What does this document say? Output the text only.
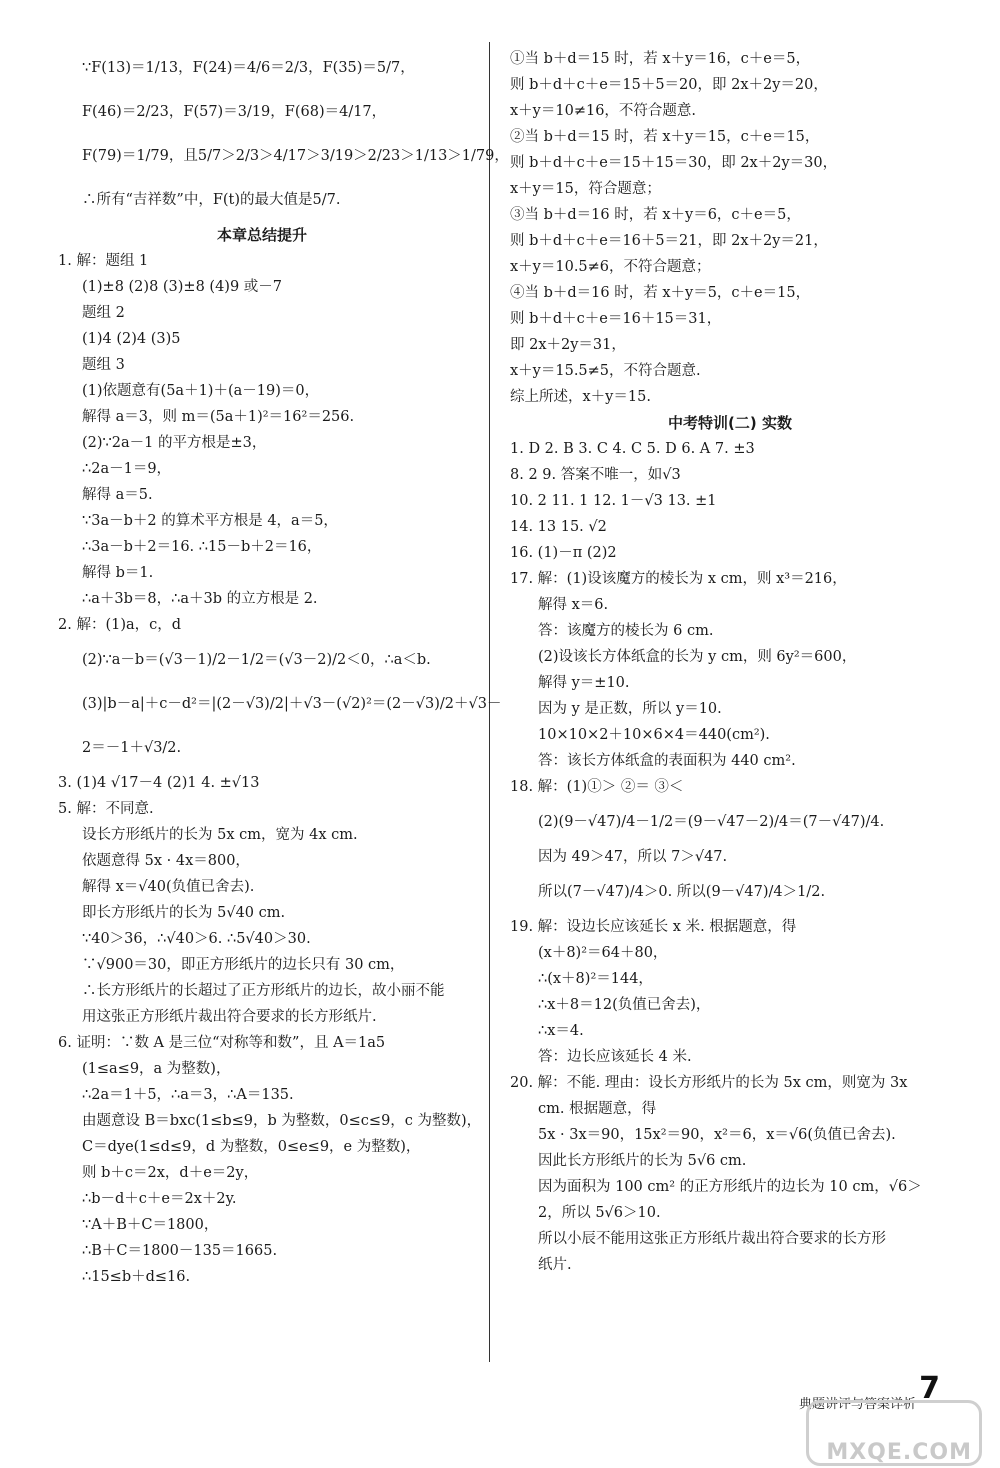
∵F(13)＝1/13，F(24)＝4/6＝2/3，F(35)＝5/7，
F(46)＝2/23，F(57)＝3/19，F(68)＝4/17，
F(79)＝1/79，且5/7＞2/3＞4/17＞3/19＞2/23＞1/13＞1/79，
∴所有“吉祥数”中，F(t)的最大值是5/7.
本章总结提升
1. 解：题组 1
(1)±8 (2)8 (3)±8 (4)9 或－7
题组 2
(1)4 (2)4 (3)5
题组 3
(1)依题意有(5a＋1)＋(a－19)＝0，
解得 a＝3，则 m＝(5a＋1)²＝16²＝256.
(2)∵2a－1 的平方根是±3，
∴2a－1＝9，
解得 a＝5.
∵3a－b＋2 的算术平方根是 4，a＝5，
∴3a－b＋2＝16. ∴15－b＋2＝16，
解得 b＝1.
∴a＋3b＝8，∴a＋3b 的立方根是 2.
2. 解：(1)a，c，d
(2)∵a－b＝(√3－1)/2－1/2＝(√3－2)/2＜0，∴a＜b.
(3)|b－a|＋c－d²＝|(2－√3)/2|＋√3－(√2)²＝(2－√3)/2＋√3－
2＝－1＋√3/2.
3. (1)4 √17－4 (2)1 4. ±√13
5. 解：不同意.
设长方形纸片的长为 5x cm，宽为 4x cm.
依题意得 5x · 4x＝800，
解得 x＝√40(负值已舍去).
即长方形纸片的长为 5√40 cm.
∵40＞36，∴√40＞6. ∴5√40＞30.
∵√900＝30，即正方形纸片的边长只有 30 cm，
∴长方形纸片的长超过了正方形纸片的边长，故小丽不能
用这张正方形纸片裁出符合要求的长方形纸片.
6. 证明：∵数 A 是三位“对称等和数”，且 A＝1a5
(1≤a≤9，a 为整数)，
∴2a＝1＋5，∴a＝3，∴A＝135.
由题意设 B＝bxc(1≤b≤9，b 为整数，0≤c≤9，c 为整数)，
C＝dye(1≤d≤9，d 为整数，0≤e≤9，e 为整数)，
则 b＋c＝2x，d＋e＝2y，
∴b－d＋c＋e＝2x＋2y.
∵A＋B＋C＝1800，
∴B＋C＝1800－135＝1665.
∴15≤b＋d≤16.
①当 b＋d＝15 时，若 x＋y＝16，c＋e＝5，
则 b＋d＋c＋e＝15＋5＝20，即 2x＋2y＝20，
x＋y＝10≠16，不符合题意.
②当 b＋d＝15 时，若 x＋y＝15，c＋e＝15，
则 b＋d＋c＋e＝15＋15＝30，即 2x＋2y＝30，
x＋y＝15，符合题意；
③当 b＋d＝16 时，若 x＋y＝6，c＋e＝5，
则 b＋d＋c＋e＝16＋5＝21，即 2x＋2y＝21，
x＋y＝10.5≠6，不符合题意；
④当 b＋d＝16 时，若 x＋y＝5，c＋e＝15，
则 b＋d＋c＋e＝16＋15＝31，
即 2x＋2y＝31，
x＋y＝15.5≠5，不符合题意.
综上所述，x＋y＝15.
中考特训(二) 实数
1. D 2. B 3. C 4. C 5. D 6. A 7. ±3
8. 2 9. 答案不唯一，如√3
10. 2 11. 1 12. 1－√3 13. ±1
14. 13 15. √2
16. (1)－π (2)2
17. 解：(1)设该魔方的棱长为 x cm，则 x³＝216，
解得 x＝6.
答：该魔方的棱长为 6 cm.
(2)设该长方体纸盒的长为 y cm，则 6y²＝600，
解得 y＝±10.
因为 y 是正数，所以 y＝10.
10×10×2＋10×6×4＝440(cm²).
答：该长方体纸盒的表面积为 440 cm².
18. 解：(1)①＞ ②＝ ③＜
(2)(9－√47)/4－1/2＝(9－√47－2)/4＝(7－√47)/4.
因为 49＞47，所以 7＞√47.
所以(7－√47)/4＞0. 所以(9－√47)/4＞1/2.
19. 解：设边长应该延长 x 米. 根据题意，得
(x＋8)²＝64＋80，
∴(x＋8)²＝144，
∴x＋8＝12(负值已舍去)，
∴x＝4.
答：边长应该延长 4 米.
20. 解：不能. 理由：设长方形纸片的长为 5x cm，则宽为 3x
cm. 根据题意，得
5x · 3x＝90，15x²＝90，x²＝6，x＝√6(负值已舍去).
因此长方形纸片的长为 5√6 cm.
因为面积为 100 cm² 的正方形纸片的边长为 10 cm，√6＞
2，所以 5√6＞10.
所以小辰不能用这张正方形纸片裁出符合要求的长方形
纸片.
典题讲评与答案详析 7
MXQE.COM
